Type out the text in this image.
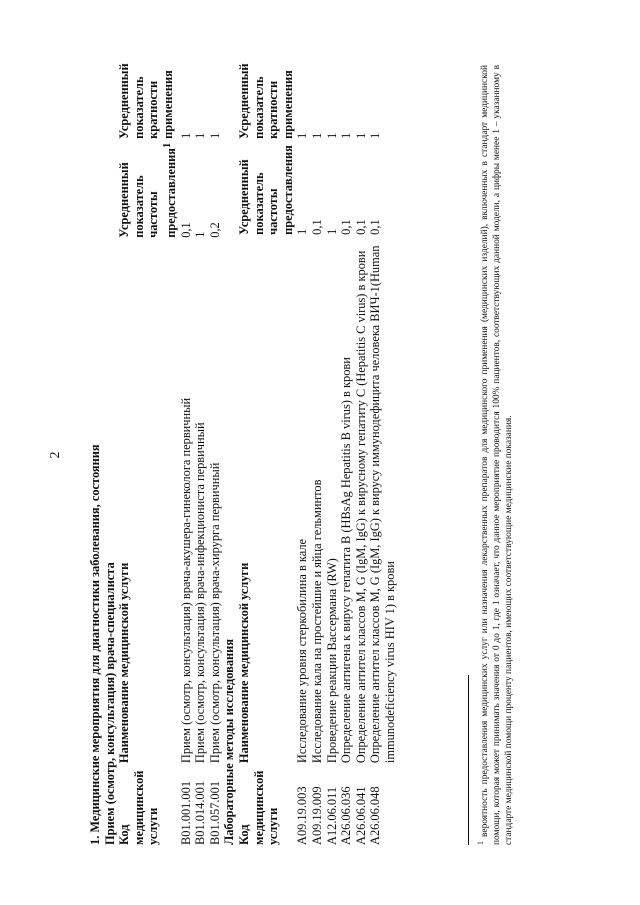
2 1. Медицинские мероприятия для диагностики заболевания, состояния Прием (осмотр, консультация) врача-специалиста Код медицинской услуги	Наименование медицинской услуги	Усредненный показатель частоты предоставления$^1$	Усредненный показатель кратности применения
B01.001.001	Прием (осмотр, консультация) врача-акушера-гинеколога первичный	0,1	1
B01.014.001	Прием (осмотр, консультация) врача-инфекциониста первичный	1	1
B01.057.001	Прием (осмотр, консультация) врача-хирурга первичный	0,2	1
Лабораторные методы исследования Код медицинской услуги	Наименование медицинской услуги	Усредненный показатель частоты предоставления	Усредненный показатель кратности применения
A09.19.003	Исследование уровня стеркобилина в кале	1	1
A09.19.009	Исследование кала на простейшие и яйца гельминтов	0,1	1
A12.06.011	Проведение реакции Вассермана (RW)	1	1
A26.06.036	Определение антигена к вирусу гепатита B (HBsAg Hepatitis B virus) в крови	0,1	1
A26.06.041	Определение антител классов M, G (IgM, IgG) к вирусному гепатиту C (Hepatitis C virus) в крови	0,1	1
A26.06.048	Определение антител классов M, G (IgM, IgG) к вирусу иммунодефицита человека ВИЧ-1(Human immunodeficiency virus HIV 1) в крови	0,1	1
$^1$ вероятность предоставления медицинских услуг или назначения лекарственных препаратов для медицинского применения (медицинских изделий), включенных в стандарт медицинской помощи, которая может принимать значения от 0 до 1, где 1 означает, что данное мероприятие проводится 100% пациентов, соответствующих данной модели, а цифры менее 1 – указанному в стандарте медицинской помощи проценту пациентов, имеющих соответствующие медицинские показания.
